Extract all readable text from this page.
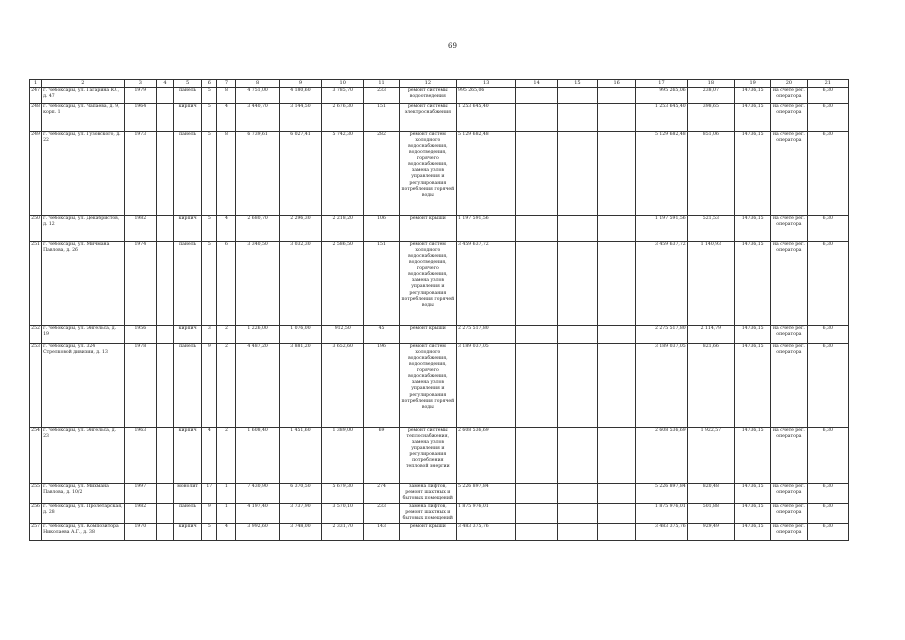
69
1	2	3	4	5	6	7	8	9	10	11	12	13	14	15	16	17	18	19	20	21
247	г. Чебоксары, ул. Гагарина Ю., д. 47	1979		панель	5	8	4 751,00	4 180,60	3 785,70	233	ремонт системы водоотведения	995 265,06				995 265,06	238,07	14736,15	на счете рег. оператора	6,30
248	г. Чебоксары, ул. Чапаева, д. 9, корп. 1	1964		кирпич	5	4	3 440,70	3 144,50	2 676,30	151	ремонт системы электроснабжения	1 253 645,40				1 253 645,40	398,65	14736,15	на счете рег. оператора	6,30
249	г. Чебоксары, ул. Гузовского, д. 22	1973		панель	5	8	6 739,61	6 027,41	5 742,30	282	ремонт систем холодного водоснабжения, водоотведения, горячего водоснабжения, замена узлов управления и регулирования потребления горячей воды	5 129 682,48				5 129 682,48	851,06	14736,15	на счете рег. оператора	6,30
250	г. Чебоксары, ул. Декабристов, д. 12	1982		кирпич	5	4	2 680,70	2 296,30	2 218,20	106	ремонт крыши	1 197 591,56				1 197 591,56	521,53	14736,15	на счете рег. оператора	6,30
251	г. Чебоксары, ул. Мичмана Павлова, д. 26	1974		панель	5	6	3 340,50	3 032,30	2 586,50	151	ремонт систем холодного водоснабжения, водоотведения, горячего водоснабжения, замена узлов управления и регулирования потребления горячей воды	3 459 637,72				3 459 637,72	1 140,93	14736,15	на счете рег. оператора	6,30
252	г. Чебоксары, ул. Энгельса, д. 19	1956		кирпич	3	2	1 226,00	1 076,00	912,50	45	ремонт крыши	2 275 517,80				2 275 517,80	2 114,79	14736,15	на счете рег. оператора	6,30
253	г. Чебоксары, ул. 324 Стрелковой дивизии, д. 13	1978		панель	9	2	4 487,20	3 881,20	3 652,60	196	ремонт систем холодного водоснабжения, водоотведения, горячего водоснабжения, замена узлов управления и регулирования потребления горячей воды	3 189 037,05				3 189 037,05	821,66	14736,15	на счете рег. оператора	6,30
254	г. Чебоксары, ул. Энгельса, д. 23	1963		кирпич	4	2	1 608,40	1 451,60	1 389,00	69	ремонт системы теплоснабжения, замена узлов управления и регулирования потребления тепловой энергии	2 608 536,69				2 608 536,69	1 922,57	14736,15	на счете рег. оператора	6,30
255	г. Чебоксары, ул. Михмана Павлова, д. 10/2	1997		монолит	17	1	7 430,90	6 370,50	5 679,30	274	замена лифтов, ремонт шахтных и бытовых помещений	5 226 897,84				5 226 897,84	820,48	14736,15	на счете рег. оператора	6,30
256	г. Чебоксары, ул. Пролетарская, д. 28	1982		панель	9	1	4 197,40	3 737,90	3 570,10	233	замена лифтов, ремонт шахтных и бытовых помещений	1 875 976,01				1 875 976,01	501,88	14736,15	на счете рег. оператора	6,30
257	г. Чебоксары, ул. Композитора Николаева А.Г., д. 38	1970		кирпич	5	4	3 992,60	3 748,00	2 331,70	143	ремонт крыши	3 483 375,76				3 483 375,76	929,49	14736,15	на счете рег. оператора	6,30
